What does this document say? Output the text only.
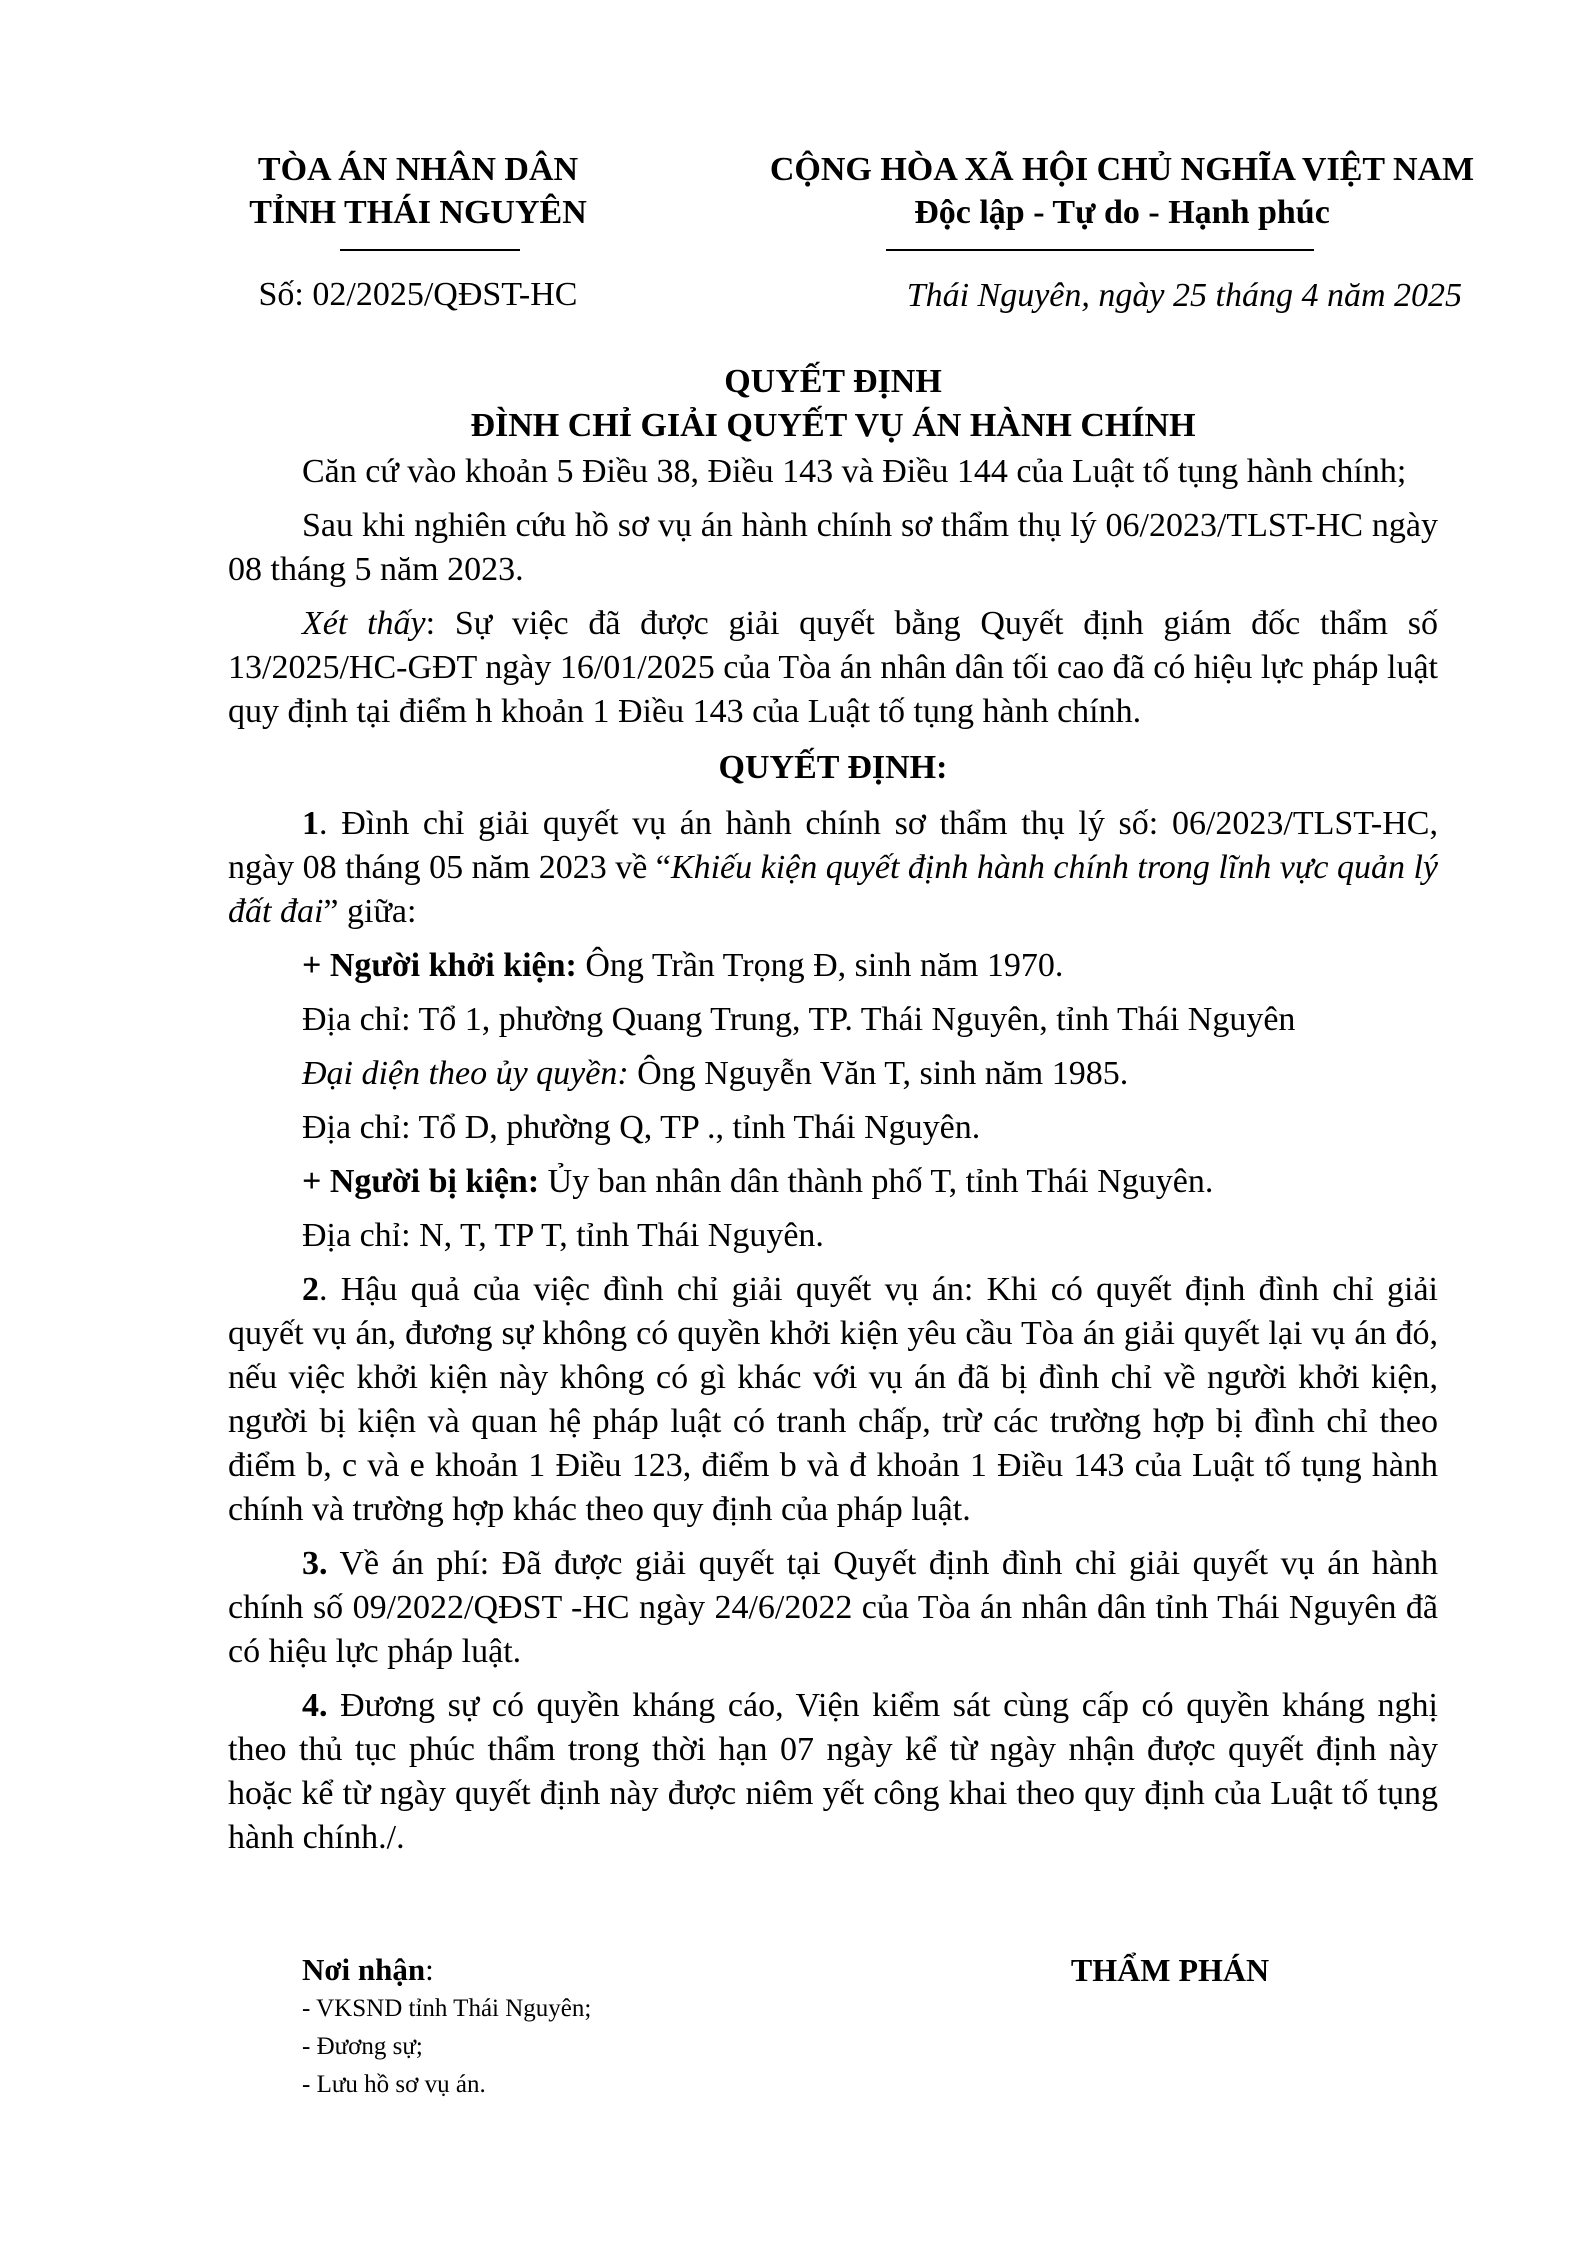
TÒA ÁN NHÂN DÂN
TỈNH THÁI NGUYÊN
CỘNG HÒA XÃ HỘI CHỦ NGHĨA VIỆT NAM
Độc lập - Tự do - Hạnh phúc
Số: 02/2025/QĐST-HC	Thái Nguyên, ngày 25 tháng 4 năm 2025
QUYẾT ĐỊNH
ĐÌNH CHỈ GIẢI QUYẾT VỤ ÁN HÀNH CHÍNH

Căn cứ vào khoản 5 Điều 38, Điều 143 và Điều 144 của Luật tố tụng hành chính;

Sau khi nghiên cứu hồ sơ vụ án hành chính sơ thẩm thụ lý 06/2023/TLST-HC ngày 08 tháng 5 năm 2023.

Xét thấy: Sự việc đã được giải quyết bằng Quyết định giám đốc thẩm số 13/2025/HC-GĐT ngày 16/01/2025 của Tòa án nhân dân tối cao đã có hiệu lực pháp luật quy định tại điểm h khoản 1 Điều 143 của Luật tố tụng hành chính.

QUYẾT ĐỊNH:

1. Đình chỉ giải quyết vụ án hành chính sơ thẩm thụ lý số: 06/2023/TLST-HC, ngày 08 tháng 05 năm 2023 về “Khiếu kiện quyết định hành chính trong lĩnh vực quản lý đất đai” giữa:

+ Người khởi kiện: Ông Trần Trọng Đ, sinh năm 1970.

Địa chỉ: Tổ 1, phường Quang Trung, TP. Thái Nguyên, tỉnh Thái Nguyên

Đại diện theo ủy quyền: Ông Nguyễn Văn T, sinh năm 1985.

Địa chỉ: Tổ D, phường Q, TP ., tỉnh Thái Nguyên.

+ Người bị kiện: Ủy ban nhân dân thành phố T, tỉnh Thái Nguyên.

Địa chỉ: N, T, TP T, tỉnh Thái Nguyên.

2. Hậu quả của việc đình chỉ giải quyết vụ án: Khi có quyết định đình chỉ giải quyết vụ án, đương sự không có quyền khởi kiện yêu cầu Tòa án giải quyết lại vụ án đó, nếu việc khởi kiện này không có gì khác với vụ án đã bị đình chỉ về người khởi kiện, người bị kiện và quan hệ pháp luật có tranh chấp, trừ các trường hợp bị đình chỉ theo điểm b, c và e khoản 1 Điều 123, điểm b và đ khoản 1 Điều 143 của Luật tố tụng hành chính và trường hợp khác theo quy định của pháp luật.

3. Về án phí: Đã được giải quyết tại Quyết định đình chỉ giải quyết vụ án hành chính số 09/2022/QĐST -HC ngày 24/6/2022 của Tòa án nhân dân tỉnh Thái Nguyên đã có hiệu lực pháp luật.

4. Đương sự có quyền kháng cáo, Viện kiểm sát cùng cấp có quyền kháng nghị theo thủ tục phúc thẩm trong thời hạn 07 ngày kể từ ngày nhận được quyết định này hoặc kể từ ngày quyết định này được niêm yết công khai theo quy định của Luật tố tụng hành chính./.

Nơi nhận:
- VKSND tỉnh Thái Nguyên;
- Đương sự;
- Lưu hồ sơ vụ án.
THẨM PHÁN
